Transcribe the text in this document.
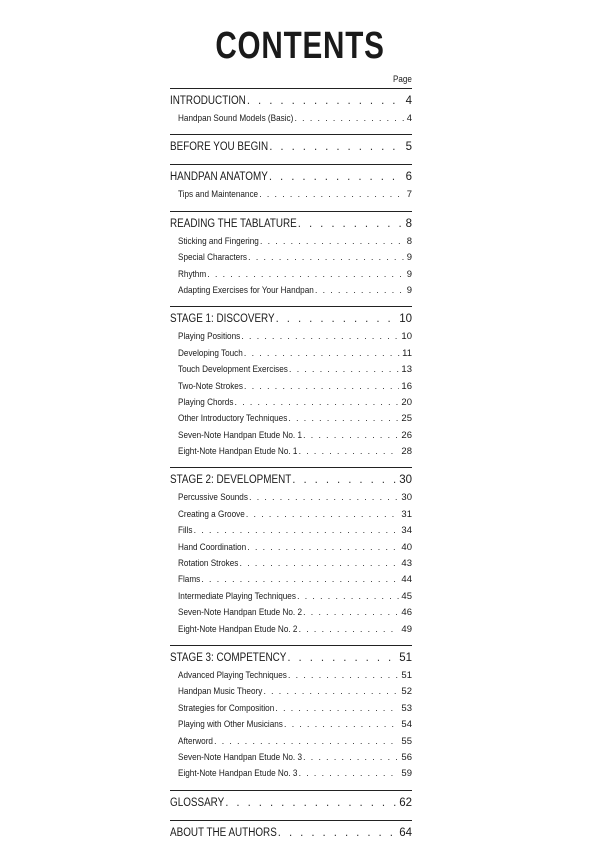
CONTENTS
Page
INTRODUCTION . . .	4
Handpan Sound Models (Basic) . . .	4
BEFORE YOU BEGIN . . .	5
HANDPAN ANATOMY . . .	6
Tips and Maintenance . . .	7
READING THE TABLATURE . . .	8
Sticking and Fingering . . .	8
Special Characters . . .	9
Rhythm . . .	9
Adapting Exercises for Your Handpan . . .	9
STAGE 1: DISCOVERY . . .	10
Playing Positions . . .	10
Developing Touch . . .	11
Touch Development Exercises . . .	13
Two-Note Strokes . . .	16
Playing Chords . . .	20
Other Introductory Techniques . . .	25
Seven-Note Handpan Etude No. 1 . . .	26
Eight-Note Handpan Etude No. 1 . . .	28
STAGE 2: DEVELOPMENT . . .	30
Percussive Sounds . . .	30
Creating a Groove . . .	31
Fills . . .	34
Hand Coordination . . .	40
Rotation Strokes . . .	43
Flams . . .	44
Intermediate Playing Techniques . . .	45
Seven-Note Handpan Etude No. 2 . . .	46
Eight-Note Handpan Etude No. 2 . . .	49
STAGE 3: COMPETENCY . . .	51
Advanced Playing Techniques . . .	51
Handpan Music Theory . . .	52
Strategies for Composition . . .	53
Playing with Other Musicians . . .	54
Afterword . . .	55
Seven-Note Handpan Etude No. 3 . . .	56
Eight-Note Handpan Etude No. 3 . . .	59
GLOSSARY . . .	62
ABOUT THE AUTHORS . . .	64
